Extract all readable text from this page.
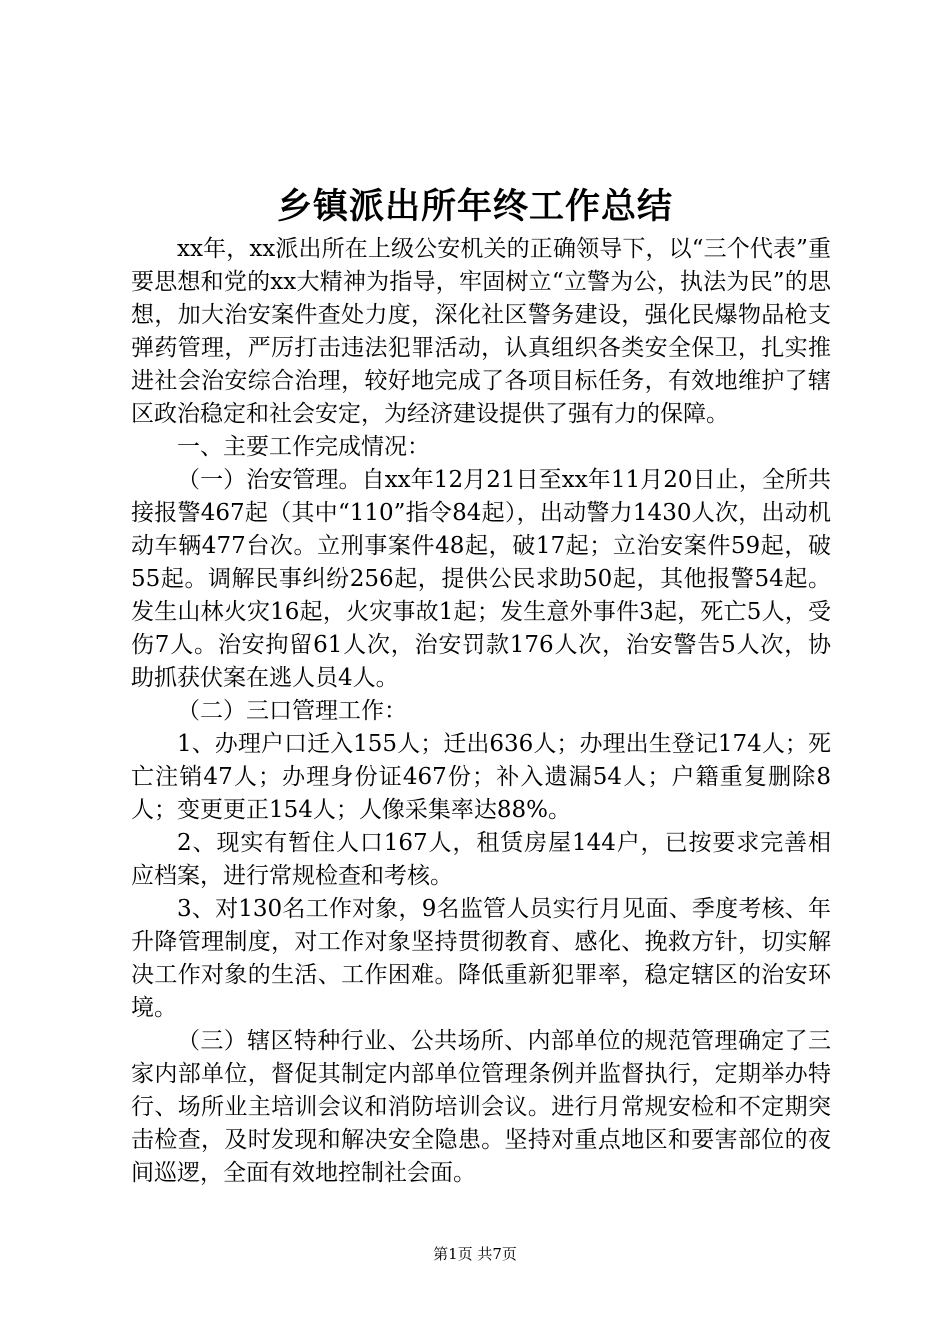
乡镇派出所年终工作总结

xx年，xx派出所在上级公安机关的正确领导下，以“三个代表”重要思想和党的xx大精神为指导，牢固树立“立警为公，执法为民”的思想，加大治安案件查处力度，深化社区警务建设，强化民爆物品枪支弹药管理，严厉打击违法犯罪活动，认真组织各类安全保卫，扎实推进社会治安综合治理，较好地完成了各项目标任务，有效地维护了辖区政治稳定和社会安定，为经济建设提供了强有力的保障。

一、主要工作完成情况：

（一）治安管理。自xx年12月21日至xx年11月20日止，全所共接报警467起（其中“110”指令84起），出动警力1430人次，出动机动车辆477台次。立刑事案件48起，破17起；立治安案件59起，破55起。调解民事纠纷256起，提供公民求助50起，其他报警54起。发生山林火灾16起，火灾事故1起；发生意外事件3起，死亡5人，受伤7人。治安拘留61人次，治安罚款176人次，治安警告5人次，协助抓获伏案在逃人员4人。

（二）三口管理工作：

1、办理户口迁入155人；迁出636人；办理出生登记174人；死亡注销47人；办理身份证467份；补入遗漏54人；户籍重复删除8人；变更更正154人；人像采集率达88%。

2、现实有暂住人口167人，租赁房屋144户，已按要求完善相应档案，进行常规检查和考核。

3、对130名工作对象，9名监管人员实行月见面、季度考核、年升降管理制度，对工作对象坚持贯彻教育、感化、挽救方针，切实解决工作对象的生活、工作困难。降低重新犯罪率，稳定辖区的治安环境。

（三）辖区特种行业、公共场所、内部单位的规范管理确定了三家内部单位，督促其制定内部单位管理条例并监督执行，定期举办特行、场所业主培训会议和消防培训会议。进行月常规安检和不定期突击检查，及时发现和解决安全隐患。坚持对重点地区和要害部位的夜间巡逻，全面有效地控制社会面。

第1页 共7页
